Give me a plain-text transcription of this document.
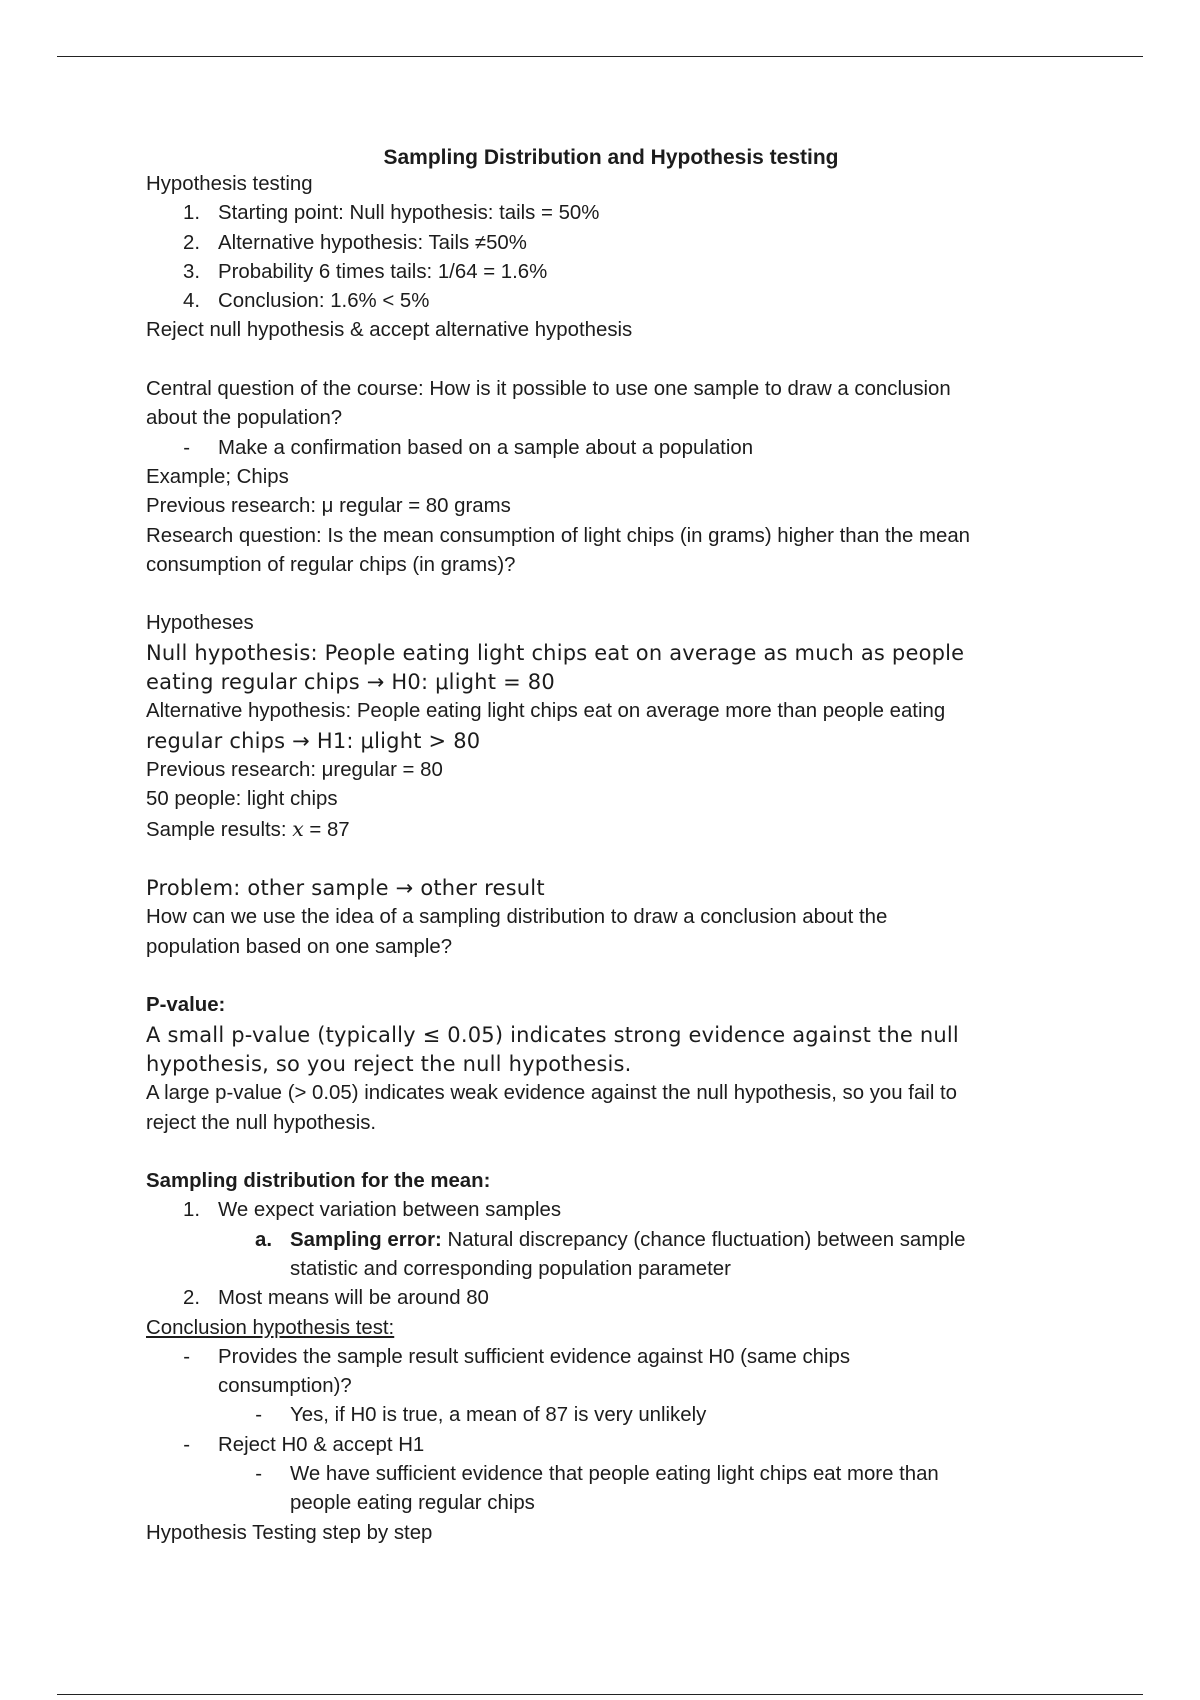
Sampling Distribution and Hypothesis testing

Hypothesis testing

1. Starting point: Null hypothesis: tails = 50%
2. Alternative hypothesis: Tails ≠50%
3. Probability 6 times tails: 1/64 = 1.6%
4. Conclusion: 1.6% < 5%

Reject null hypothesis & accept alternative hypothesis

Central question of the course: How is it possible to use one sample to draw a conclusion

about the population?

-	Make a confirmation based on a sample about a population

Example; Chips

Previous research: μ regular = 80 grams

Research question: Is the mean consumption of light chips (in grams) higher than the mean

consumption of regular chips (in grams)?

Hypotheses

Null hypothesis: People eating light chips eat on average as much as people

eating regular chips → H0: μlight = 80

Alternative hypothesis: People eating light chips eat on average more than people eating

regular chips → H1: μlight > 80

Previous research: μregular = 80

50 people: light chips

Sample results: x = 87

Problem: other sample → other result

How can we use the idea of a sampling distribution to draw a conclusion about the

population based on one sample?

P-value:

A small p-value (typically ≤ 0.05) indicates strong evidence against the null

hypothesis, so you reject the null hypothesis.

A large p-value (> 0.05) indicates weak evidence against the null hypothesis, so you fail to

reject the null hypothesis.

Sampling distribution for the mean:

1. We expect variation between samples
a. Sampling error: Natural discrepancy (chance fluctuation) between sample
statistic and corresponding population parameter
2. Most means will be around 80

Conclusion hypothesis test:

-	Provides the sample result sufficient evidence against H0 (same chips
consumption)?
-	Yes, if H0 is true, a mean of 87 is very unlikely
-	Reject H0 & accept H1
-	We have sufficient evidence that people eating light chips eat more than
people eating regular chips

Hypothesis Testing step by step
